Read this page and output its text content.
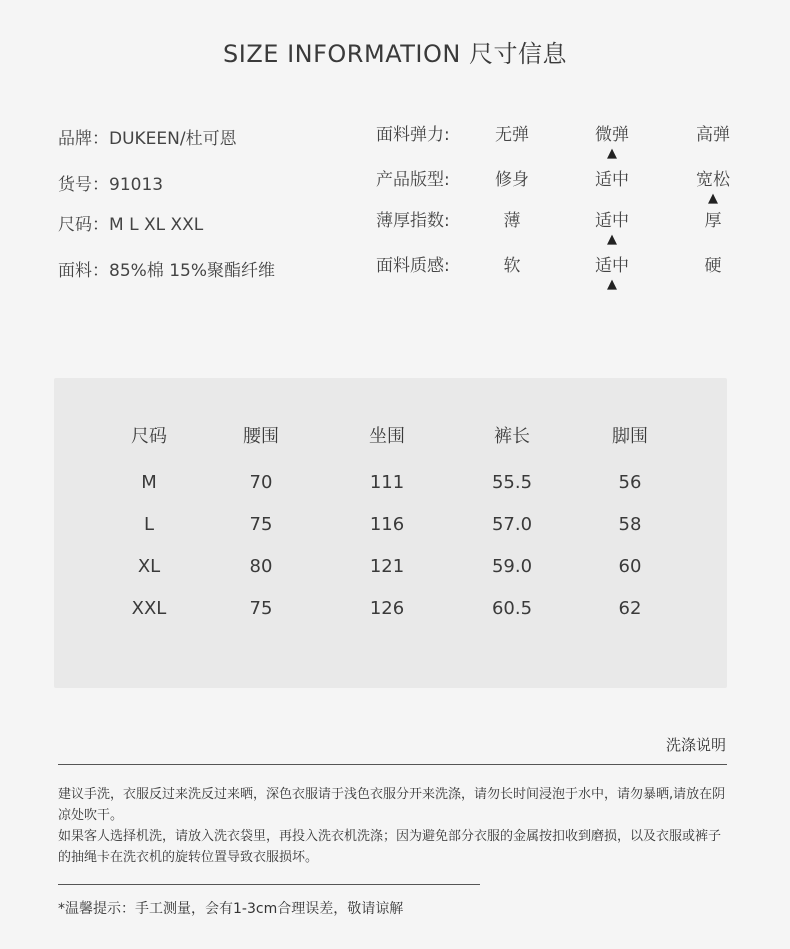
SIZE INFORMATION 尺寸信息
品牌：DUKEEN/杜可恩
货号：91013
尺码：M L XL XXL
面料：85%棉 15%聚酯纤维
面料弹力:	无弹	微弹	高弹
▲
产品版型:	修身	适中	宽松
▲
薄厚指数:	薄	适中	厚
▲
面料质感:	软	适中	硬
▲
尺码	腰围	坐围	裤长	脚围
M	70	111	55.5	56
L	75	116	57.0	58
XL	80	121	59.0	60
XXL	75	126	60.5	62
洗涤说明
建议手洗，衣服反过来洗反过来晒，深色衣服请于浅色衣服分开来洗涤，请勿长时间浸泡于水中，请勿暴晒,请放在阴凉处吹干。
如果客人选择机洗，请放入洗衣袋里，再投入洗衣机洗涤；因为避免部分衣服的金属按扣收到磨损，以及衣服或裤子的抽绳卡在洗衣机的旋转位置导致衣服损坏。
*温馨提示：手工测量，会有1-3cm合理误差，敬请谅解
